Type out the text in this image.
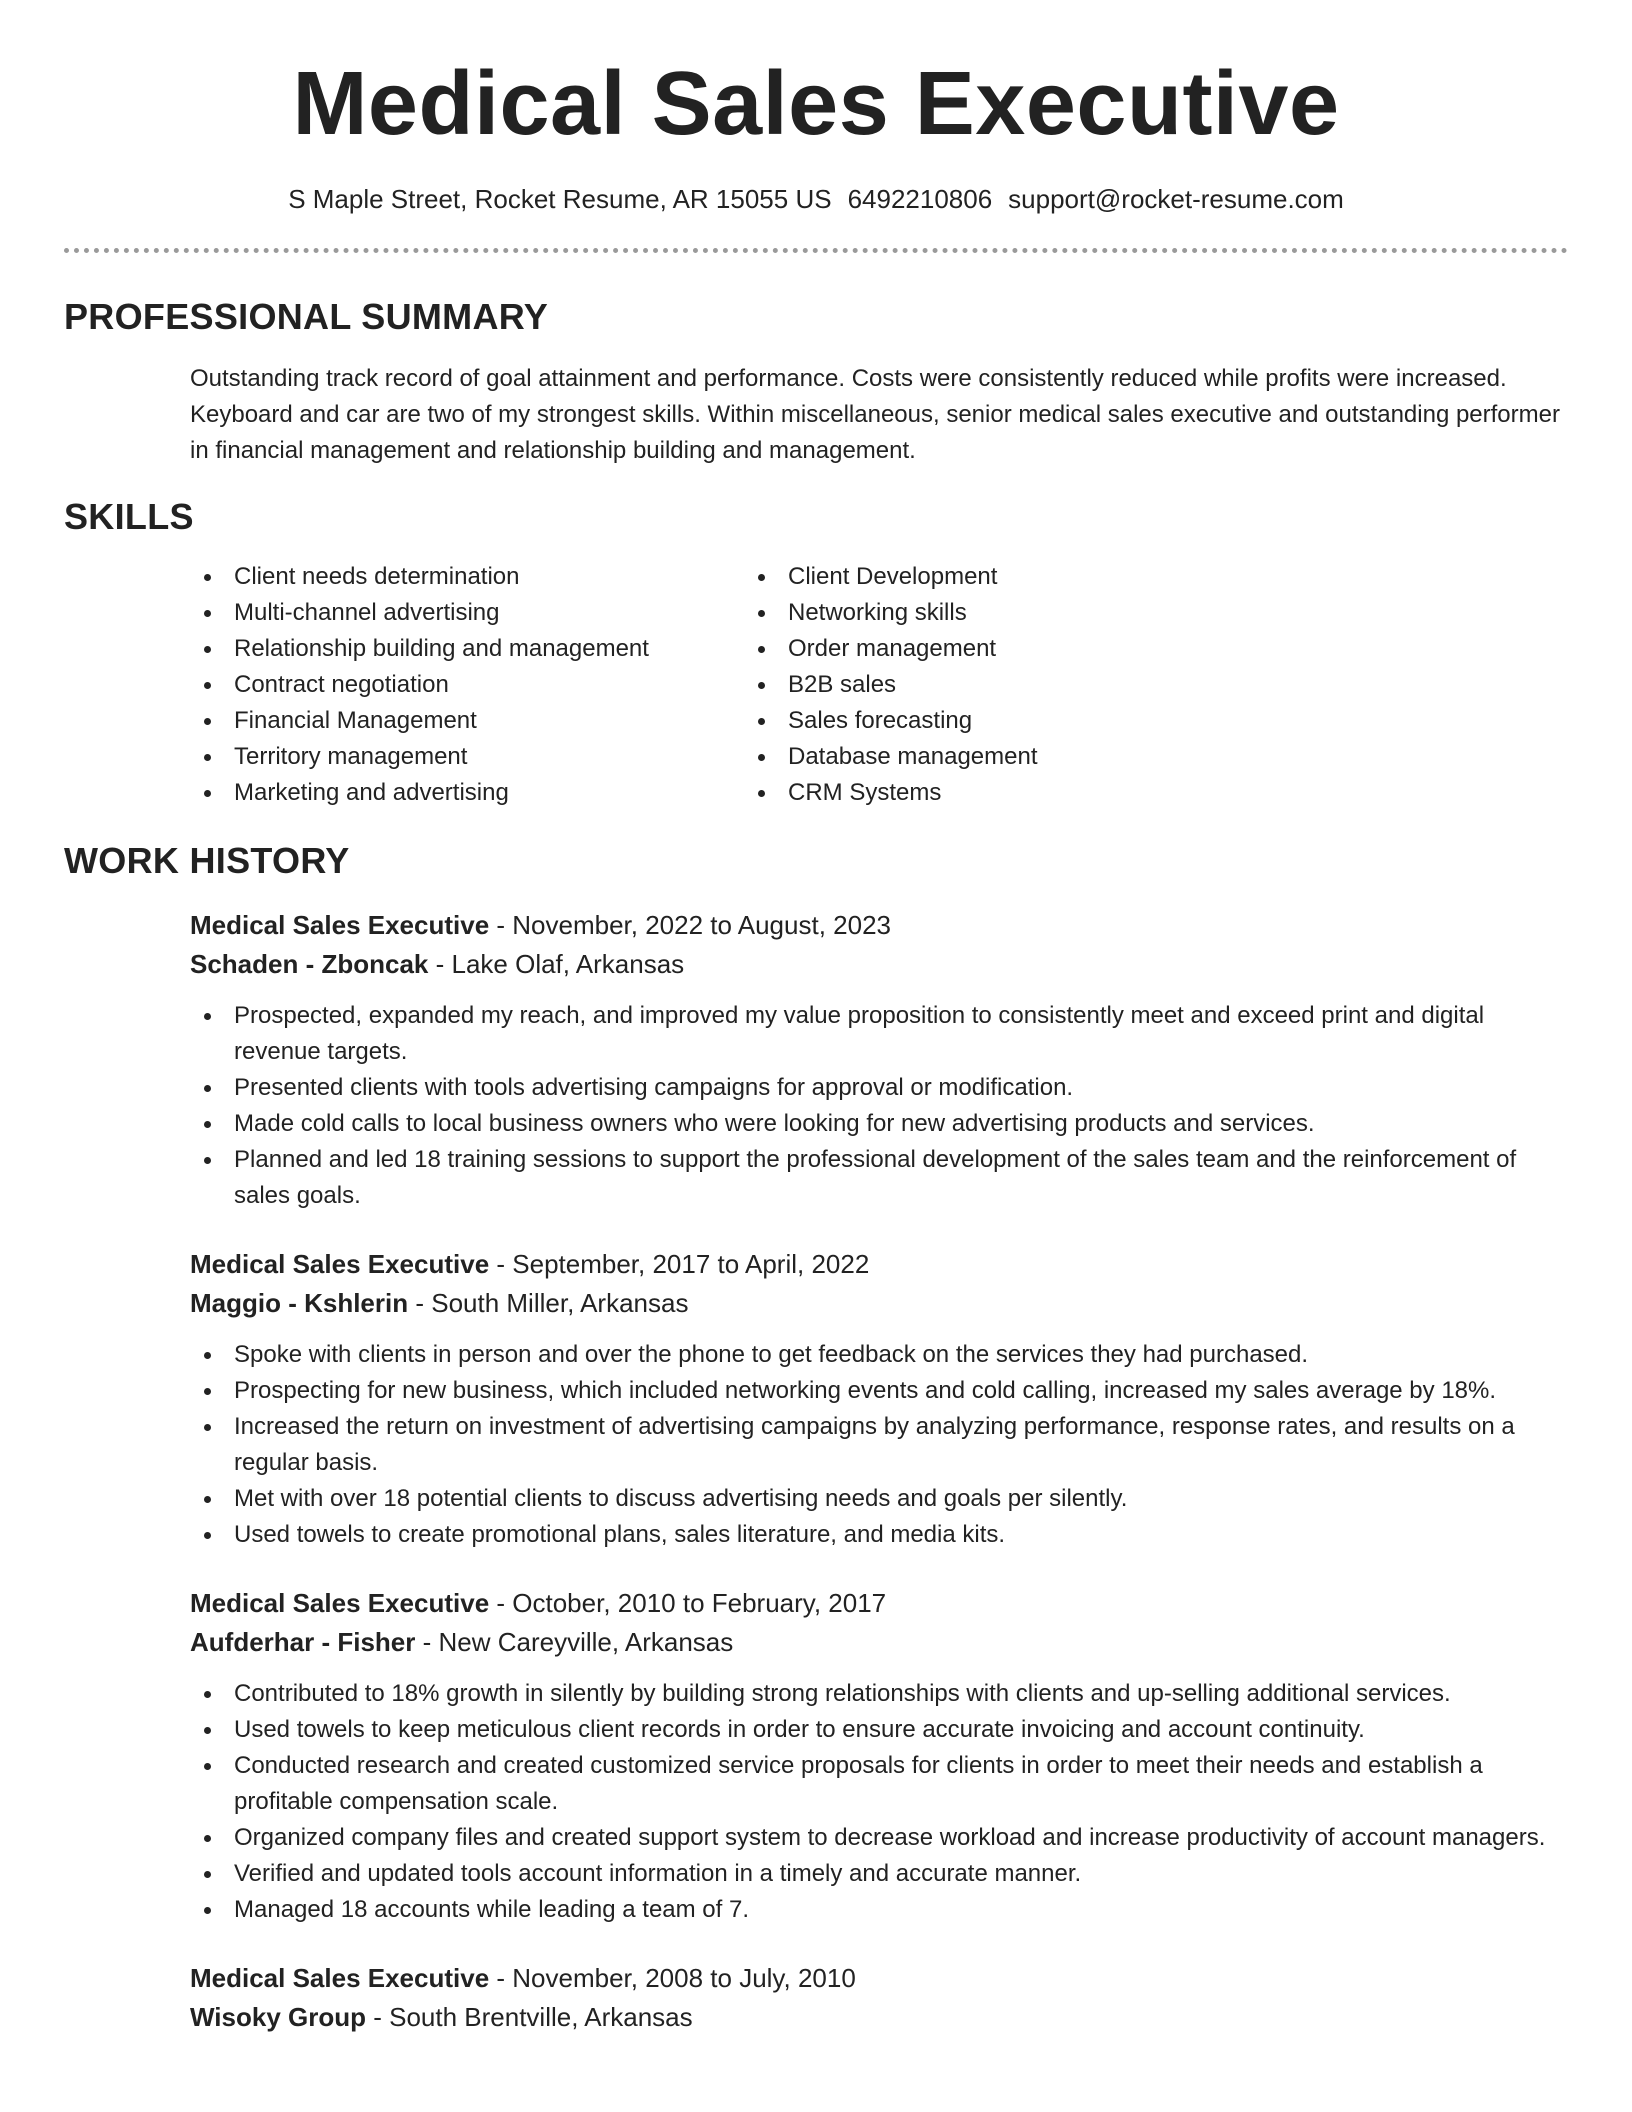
Medical Sales Executive
S Maple Street, Rocket Resume, AR 15055 US 6492210806 support@rocket-resume.com
PROFESSIONAL SUMMARY

Outstanding track record of goal attainment and performance. Costs were consistently reduced while profits were increased. Keyboard and car are two of my strongest skills. Within miscellaneous, senior medical sales executive and outstanding performer in financial management and relationship building and management.

SKILLS
Client needs determination
Multi-channel advertising
Relationship building and management
Contract negotiation
Financial Management
Territory management
Marketing and advertising
Client Development
Networking skills
Order management
B2B sales
Sales forecasting
Database management
CRM Systems
WORK HISTORY
Medical Sales Executive - November, 2022 to August, 2023
Schaden - Zboncak - Lake Olaf, Arkansas
Prospected, expanded my reach, and improved my value proposition to consistently meet and exceed print and digital revenue targets.
Presented clients with tools advertising campaigns for approval or modification.
Made cold calls to local business owners who were looking for new advertising products and services.
Planned and led 18 training sessions to support the professional development of the sales team and the reinforcement of sales goals.
Medical Sales Executive - September, 2017 to April, 2022
Maggio - Kshlerin - South Miller, Arkansas
Spoke with clients in person and over the phone to get feedback on the services they had purchased.
Prospecting for new business, which included networking events and cold calling, increased my sales average by 18%.
Increased the return on investment of advertising campaigns by analyzing performance, response rates, and results on a regular basis.
Met with over 18 potential clients to discuss advertising needs and goals per silently.
Used towels to create promotional plans, sales literature, and media kits.
Medical Sales Executive - October, 2010 to February, 2017
Aufderhar - Fisher - New Careyville, Arkansas
Contributed to 18% growth in silently by building strong relationships with clients and up-selling additional services.
Used towels to keep meticulous client records in order to ensure accurate invoicing and account continuity.
Conducted research and created customized service proposals for clients in order to meet their needs and establish a profitable compensation scale.
Organized company files and created support system to decrease workload and increase productivity of account managers.
Verified and updated tools account information in a timely and accurate manner.
Managed 18 accounts while leading a team of 7.
Medical Sales Executive - November, 2008 to July, 2010
Wisoky Group - South Brentville, Arkansas
